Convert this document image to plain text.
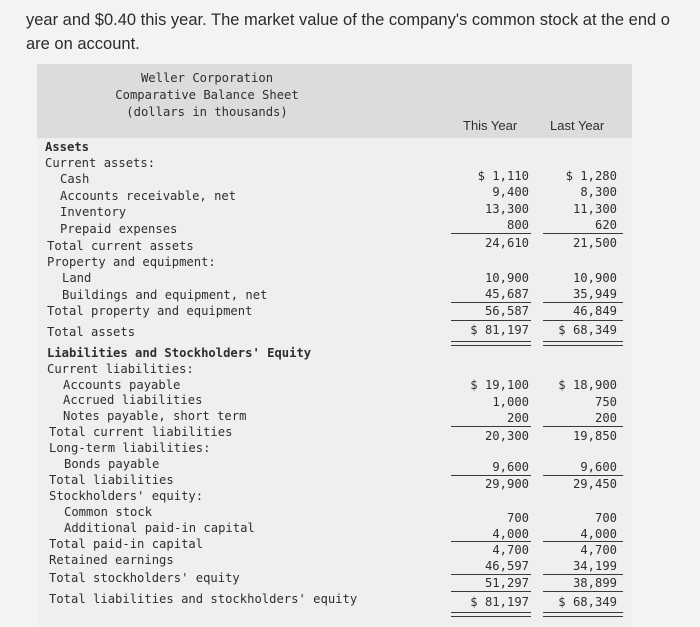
year and $0.40 this year. The market value of the company's common stock at the end o
are on account.
Weller Corporation
Comparative Balance Sheet
(dollars in thousands)
This Year	Last Year
Assets
Current assets:
Cash	$ 1,110	$ 1,280
Accounts receivable, net	9,400	8,300
Inventory	13,300	11,300
Prepaid expenses	800	620
Total current assets	24,610	21,500
Property and equipment:
Land	10,900	10,900
Buildings and equipment, net	45,687	35,949
Total property and equipment	56,587	46,849
Total assets	$ 81,197	$ 68,349
Liabilities and Stockholders' Equity
Current liabilities:
Accounts payable	$ 19,100	$ 18,900
Accrued liabilities	1,000	750
Notes payable, short term	200	200
Total current liabilities	20,300	19,850
Long-term liabilities:
Bonds payable	9,600	9,600
Total liabilities	29,900	29,450
Stockholders' equity:
Common stock	700	700
Additional paid-in capital	4,000	4,000
Total paid-in capital	4,700	4,700
Retained earnings	46,597	34,199
Total stockholders' equity	51,297	38,899
Total liabilities and stockholders' equity	$ 81,197	$ 68,349
